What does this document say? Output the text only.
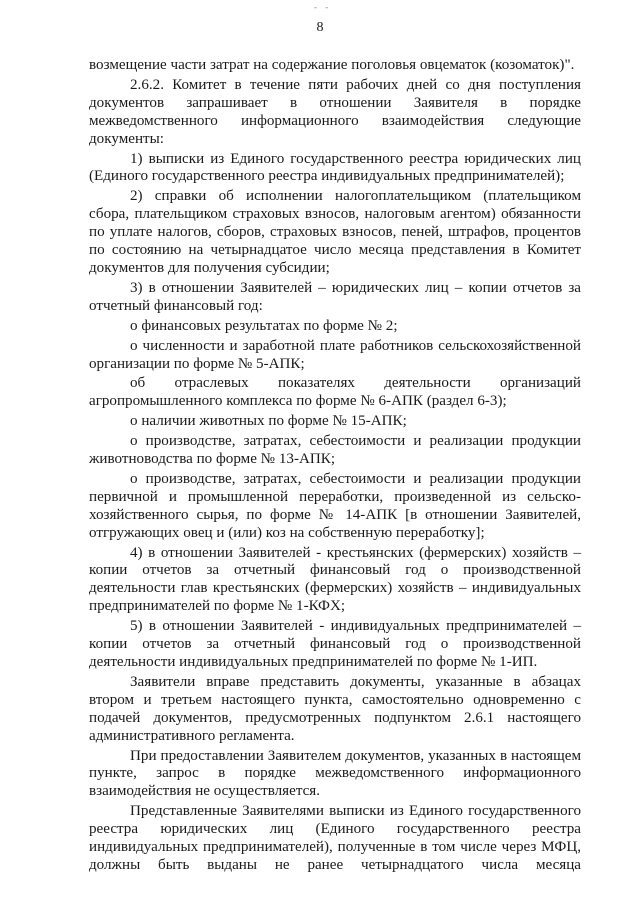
- -
8

возмещение части затрат на содержание поголовья овцематок (козоматок)".

2.6.2. Комитет в течение пяти рабочих дней со дня поступления документов запрашивает в отношении Заявителя в порядке межведомственного информационного взаимодействия следующие документы:

1) выписки из Единого государственного реестра юридических лиц (Единого государственного реестра индивидуальных предпринимателей);

2) справки об исполнении налогоплательщиком (плательщиком сбора, плательщиком страховых взносов, налоговым агентом) обязанности по уплате налогов, сборов, страховых взносов, пеней, штрафов, процентов по состоянию на четырнадцатое число месяца представления в Комитет документов для получения субсидии;

3) в отношении Заявителей – юридических лиц – копии отчетов за отчетный финансовый год:

о финансовых результатах по форме № 2;

о численности и заработной плате работников сельскохозяйственной организации по форме № 5-АПК;

об отраслевых показателях деятельности организаций агропромышленного комплекса по форме № 6-АПК (раздел 6-3);

о наличии животных по форме № 15-АПК;

о производстве, затратах, себестоимости и реализации продукции животноводства по форме № 13-АПК;

о производстве, затратах, себестоимости и реализации продукции первичной и промышленной переработки, произведенной из сельско-хозяйственного сырья, по форме № 14-АПК [в отношении Заявителей, отгружающих овец и (или) коз на собственную переработку];

4) в отношении Заявителей - крестьянских (фермерских) хозяйств – копии отчетов за отчетный финансовый год о производственной деятельности глав крестьянских (фермерских) хозяйств – индивидуальных предпринимателей по форме № 1-КФХ;

5) в отношении Заявителей - индивидуальных предпринимателей – копии отчетов за отчетный финансовый год о производственной деятельности индивидуальных предпринимателей по форме № 1-ИП.

Заявители вправе представить документы, указанные в абзацах втором и третьем настоящего пункта, самостоятельно одновременно с подачей документов, предусмотренных подпунктом 2.6.1 настоящего административного регламента.

При предоставлении Заявителем документов, указанных в настоящем пункте, запрос в порядке межведомственного информационного взаимодействия не осуществляется.

Представленные Заявителями выписки из Единого государственного реестра юридических лиц (Единого государственного реестра индивидуальных предпринимателей), полученные в том числе через МФЦ, должны быть выданы не ранее четырнадцатого числа месяца
